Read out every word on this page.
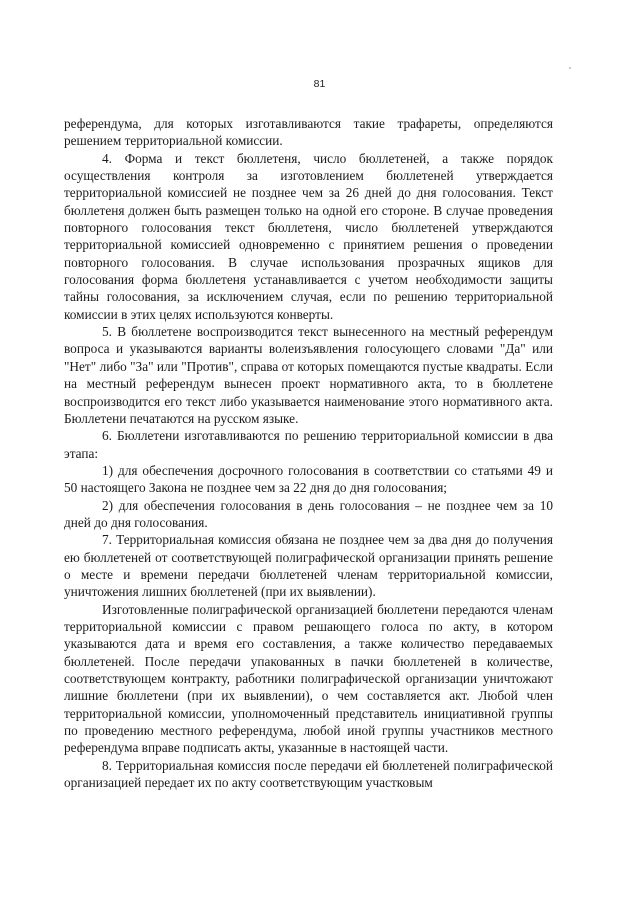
81

референдума, для которых изготавливаются такие трафареты, определяются решением территориальной комиссии.

4. Форма и текст бюллетеня, число бюллетеней, а также порядок осуществления контроля за изготовлением бюллетеней утверждается территориальной комиссией не позднее чем за 26 дней до дня голосования. Текст бюллетеня должен быть размещен только на одной его стороне. В случае проведения повторного голосования текст бюллетеня, число бюллетеней утверждаются территориальной комиссией одновременно с принятием решения о проведении повторного голосования. В случае использования прозрачных ящиков для голосования форма бюллетеня устанавливается с учетом необходимости защиты тайны голосования, за исключением случая, если по решению территориальной комиссии в этих целях используются конверты.

5. В бюллетене воспроизводится текст вынесенного на местный референдум вопроса и указываются варианты волеизъявления голосующего словами "Да" или "Нет" либо "За" или "Против", справа от которых помещаются пустые квадраты. Если на местный референдум вынесен проект нормативного акта, то в бюллетене воспроизводится его текст либо указывается наименование этого нормативного акта. Бюллетени печатаются на русском языке.

6. Бюллетени изготавливаются по решению территориальной комиссии в два этапа:

1) для обеспечения досрочного голосования в соответствии со статьями 49 и 50 настоящего Закона не позднее чем за 22 дня до дня голосования;

2) для обеспечения голосования в день голосования – не позднее чем за 10 дней до дня голосования.

7. Территориальная комиссия обязана не позднее чем за два дня до получения ею бюллетеней от соответствующей полиграфической организации принять решение о месте и времени передачи бюллетеней членам территориальной комиссии, уничтожения лишних бюллетеней (при их выявлении).

Изготовленные полиграфической организацией бюллетени передаются членам территориальной комиссии с правом решающего голоса по акту, в котором указываются дата и время его составления, а также количество передаваемых бюллетеней. После передачи упакованных в пачки бюллетеней в количестве, соответствующем контракту, работники полиграфической организации уничтожают лишние бюллетени (при их выявлении), о чем составляется акт. Любой член территориальной комиссии, уполномоченный представитель инициативной группы по проведению местного референдума, любой иной группы участников местного референдума вправе подписать акты, указанные в настоящей части.

8. Территориальная комиссия после передачи ей бюллетеней полиграфической организацией передает их по акту соответствующим участковым
